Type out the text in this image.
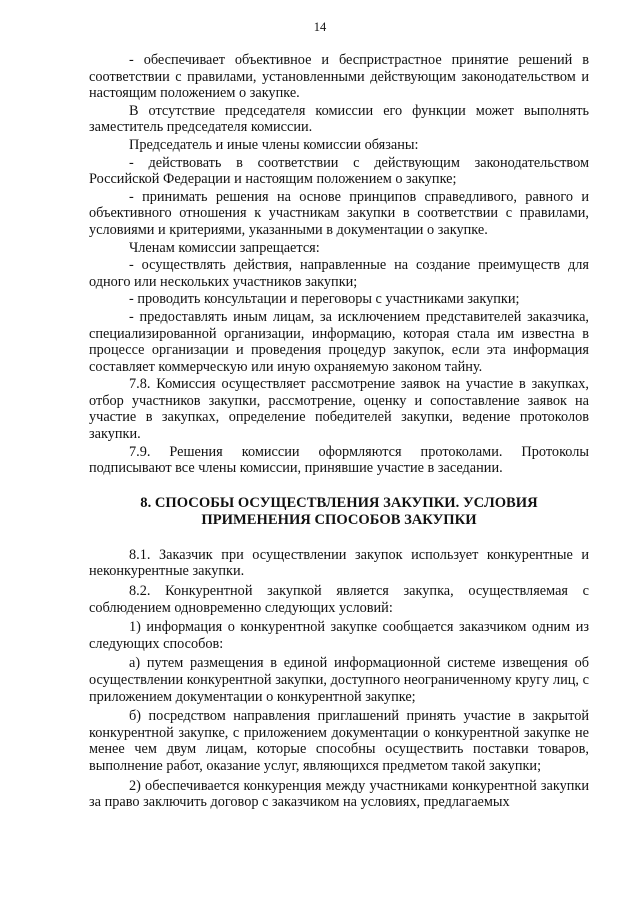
14

- обеспечивает объективное и беспристрастное принятие решений в соответствии с правилами, установленными действующим законодательством и настоящим положением о закупке.

В отсутствие председателя комиссии его функции может выполнять заместитель председателя комиссии.

Председатель и иные члены комиссии обязаны:

- действовать в соответствии с действующим законодательством Российской Федерации и настоящим положением о закупке;

- принимать решения на основе принципов справедливого, равного и объективного отношения к участникам закупки в соответствии с правилами, условиями и критериями, указанными в документации о закупке.

Членам комиссии запрещается:

- осуществлять действия, направленные на создание преимуществ для одного или нескольких участников закупки;

- проводить консультации и переговоры с участниками закупки;

- предоставлять иным лицам, за исключением представителей заказчика, специализированной организации, информацию, которая стала им известна в процессе организации и проведения процедур закупок, если эта информация составляет коммерческую или иную охраняемую законом тайну.

7.8. Комиссия осуществляет рассмотрение заявок на участие в закупках, отбор участников закупки, рассмотрение, оценку и сопоставление заявок на участие в закупках, определение победителей закупки, ведение протоколов закупки.

7.9. Решения комиссии оформляются протоколами. Протоколы подписывают все члены комиссии, принявшие участие в заседании.

8. СПОСОБЫ ОСУЩЕСТВЛЕНИЯ ЗАКУПКИ. УСЛОВИЯ
ПРИМЕНЕНИЯ СПОСОБОВ ЗАКУПКИ

8.1. Заказчик при осуществлении закупок использует конкурентные и неконкурентные закупки.

8.2. Конкурентной закупкой является закупка, осуществляемая с соблюдением одновременно следующих условий:

1) информация о конкурентной закупке сообщается заказчиком одним из следующих способов:

а) путем размещения в единой информационной системе извещения об осуществлении конкурентной закупки, доступного неограниченному кругу лиц, с приложением документации о конкурентной закупке;

б) посредством направления приглашений принять участие в закрытой конкурентной закупке, с приложением документации о конкурентной закупке не менее чем двум лицам, которые способны осуществить поставки товаров, выполнение работ, оказание услуг, являющихся предметом такой закупки;

2) обеспечивается конкуренция между участниками конкурентной закупки за право заключить договор с заказчиком на условиях, предлагаемых
